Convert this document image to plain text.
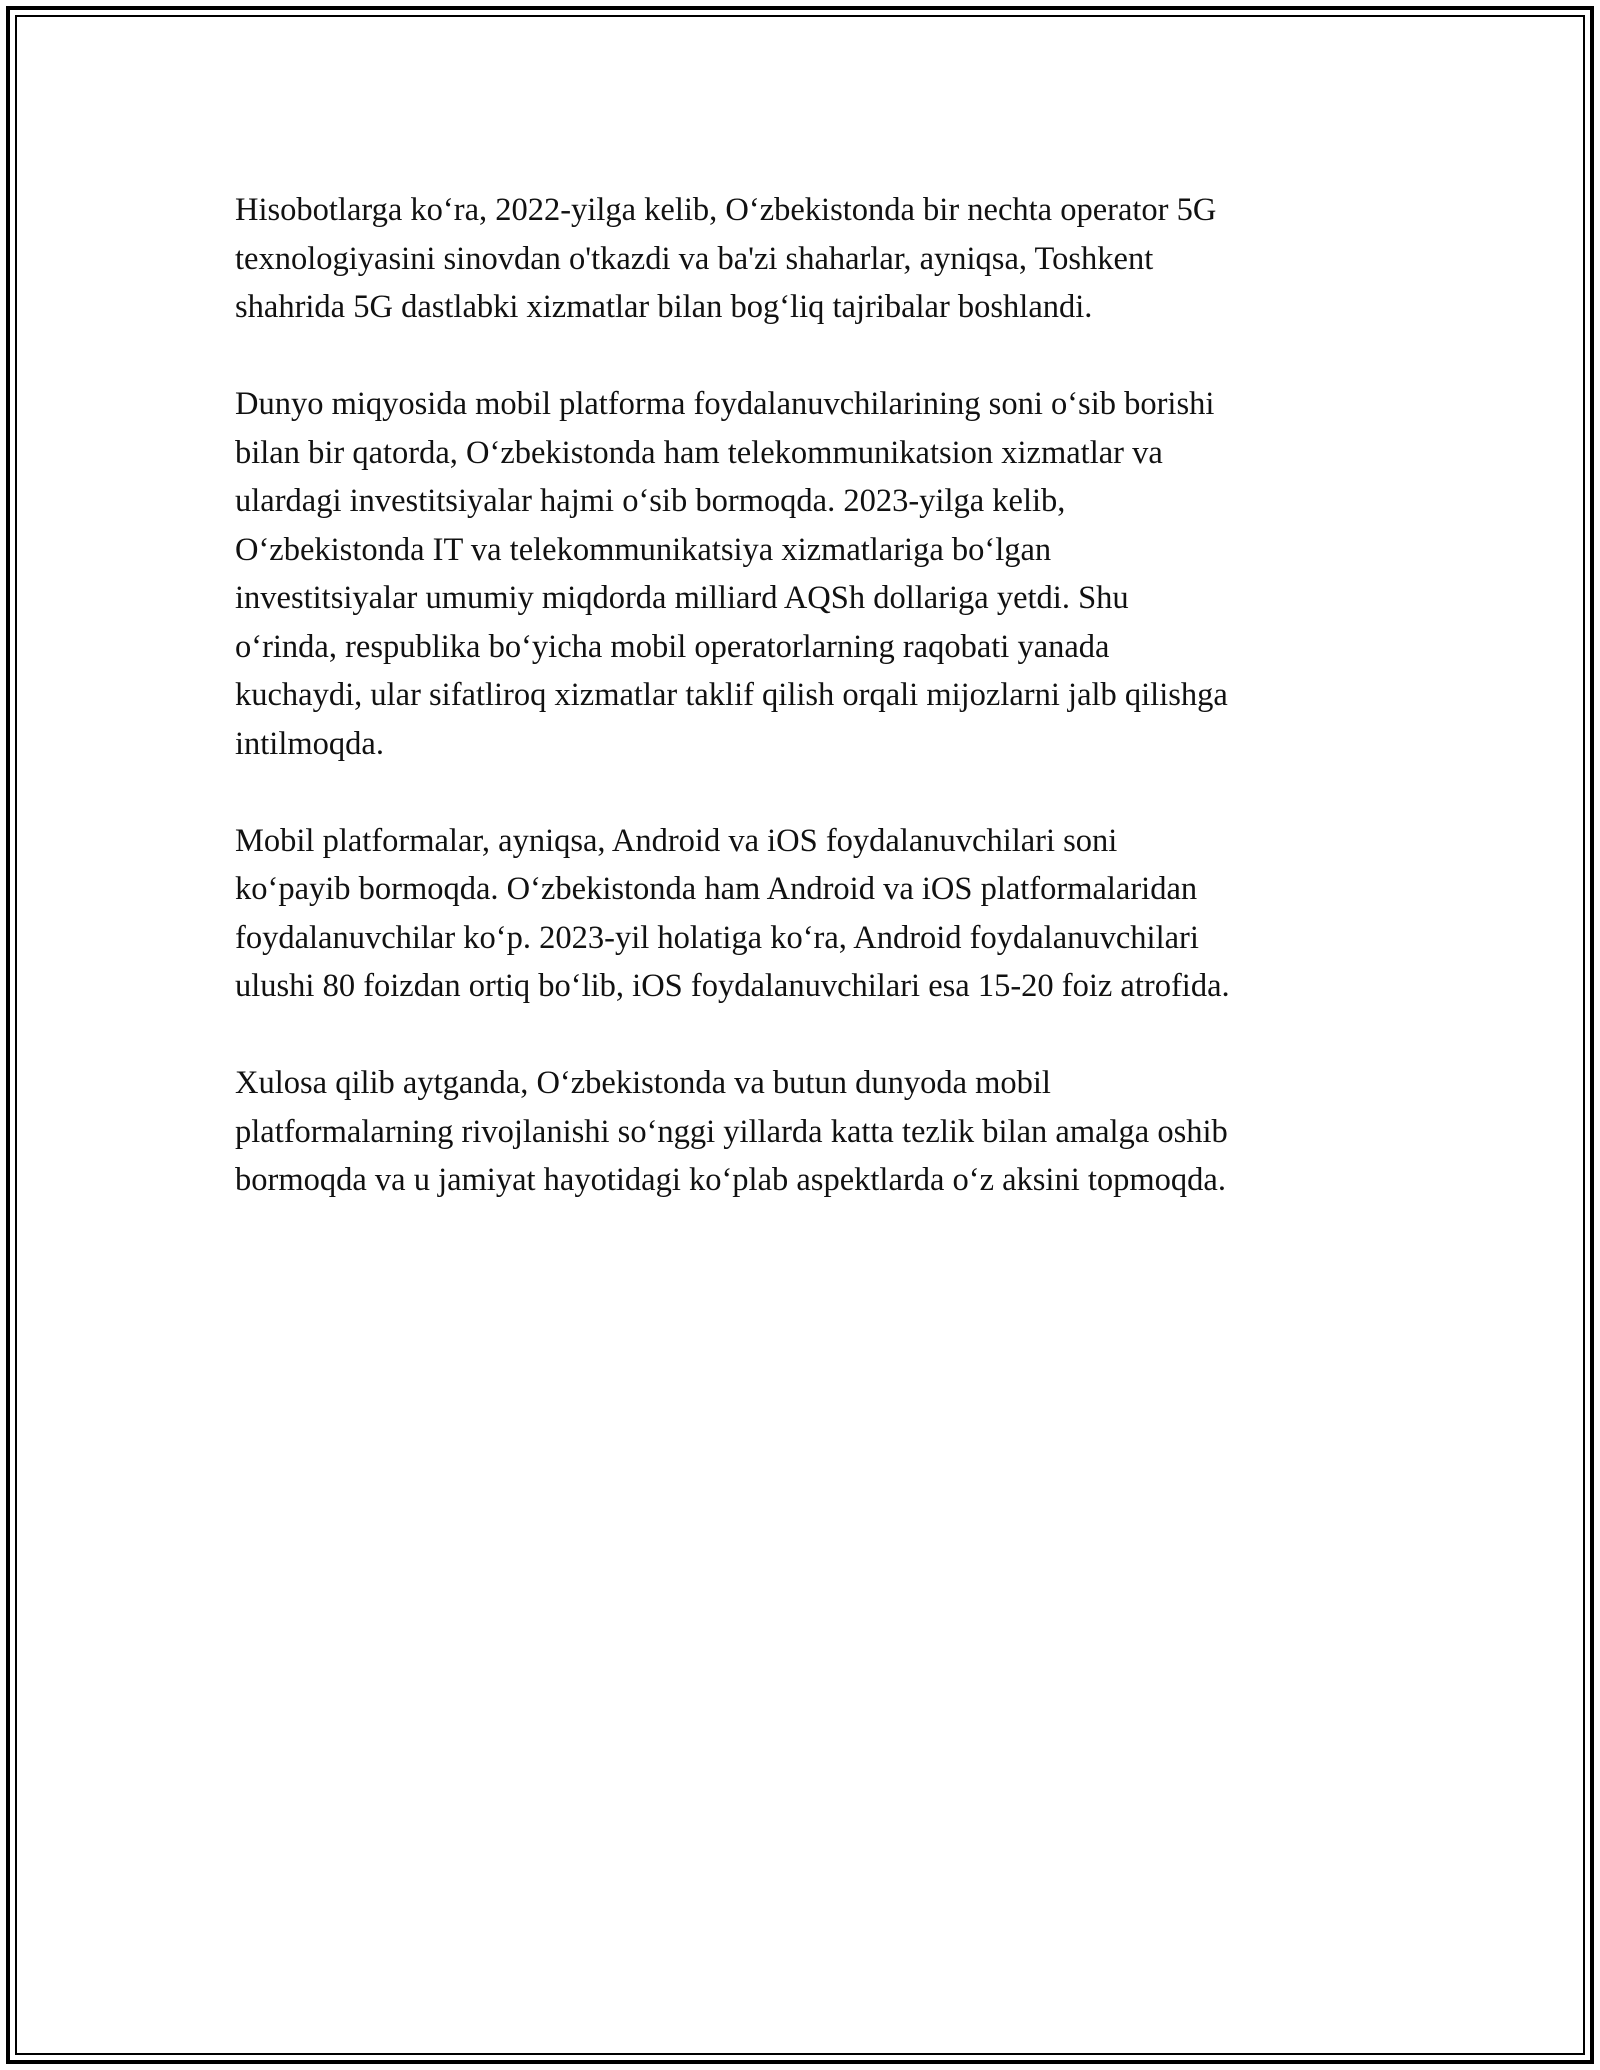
Hisobotlarga ko‘ra, 2022-yilga kelib, O‘zbekistonda bir nechta operator 5G
texnologiyasini sinovdan o'tkazdi va ba'zi shaharlar, ayniqsa, Toshkent
shahrida 5G dastlabki xizmatlar bilan bog‘liq tajribalar boshlandi.

Dunyo miqyosida mobil platforma foydalanuvchilarining soni o‘sib borishi
bilan bir qatorda, O‘zbekistonda ham telekommunikatsion xizmatlar va
ulardagi investitsiyalar hajmi o‘sib bormoqda. 2023-yilga kelib,
O‘zbekistonda IT va telekommunikatsiya xizmatlariga bo‘lgan
investitsiyalar umumiy miqdorda milliard AQSh dollariga yetdi. Shu
o‘rinda, respublika bo‘yicha mobil operatorlarning raqobati yanada
kuchaydi, ular sifatliroq xizmatlar taklif qilish orqali mijozlarni jalb qilishga
intilmoqda.

Mobil platformalar, ayniqsa, Android va iOS foydalanuvchilari soni
ko‘payib bormoqda. O‘zbekistonda ham Android va iOS platformalaridan
foydalanuvchilar ko‘p. 2023-yil holatiga ko‘ra, Android foydalanuvchilari
ulushi 80 foizdan ortiq bo‘lib, iOS foydalanuvchilari esa 15-20 foiz atrofida.

Xulosa qilib aytganda, O‘zbekistonda va butun dunyoda mobil
platformalarning rivojlanishi so‘nggi yillarda katta tezlik bilan amalga oshib
bormoqda va u jamiyat hayotidagi ko‘plab aspektlarda o‘z aksini topmoqda.
